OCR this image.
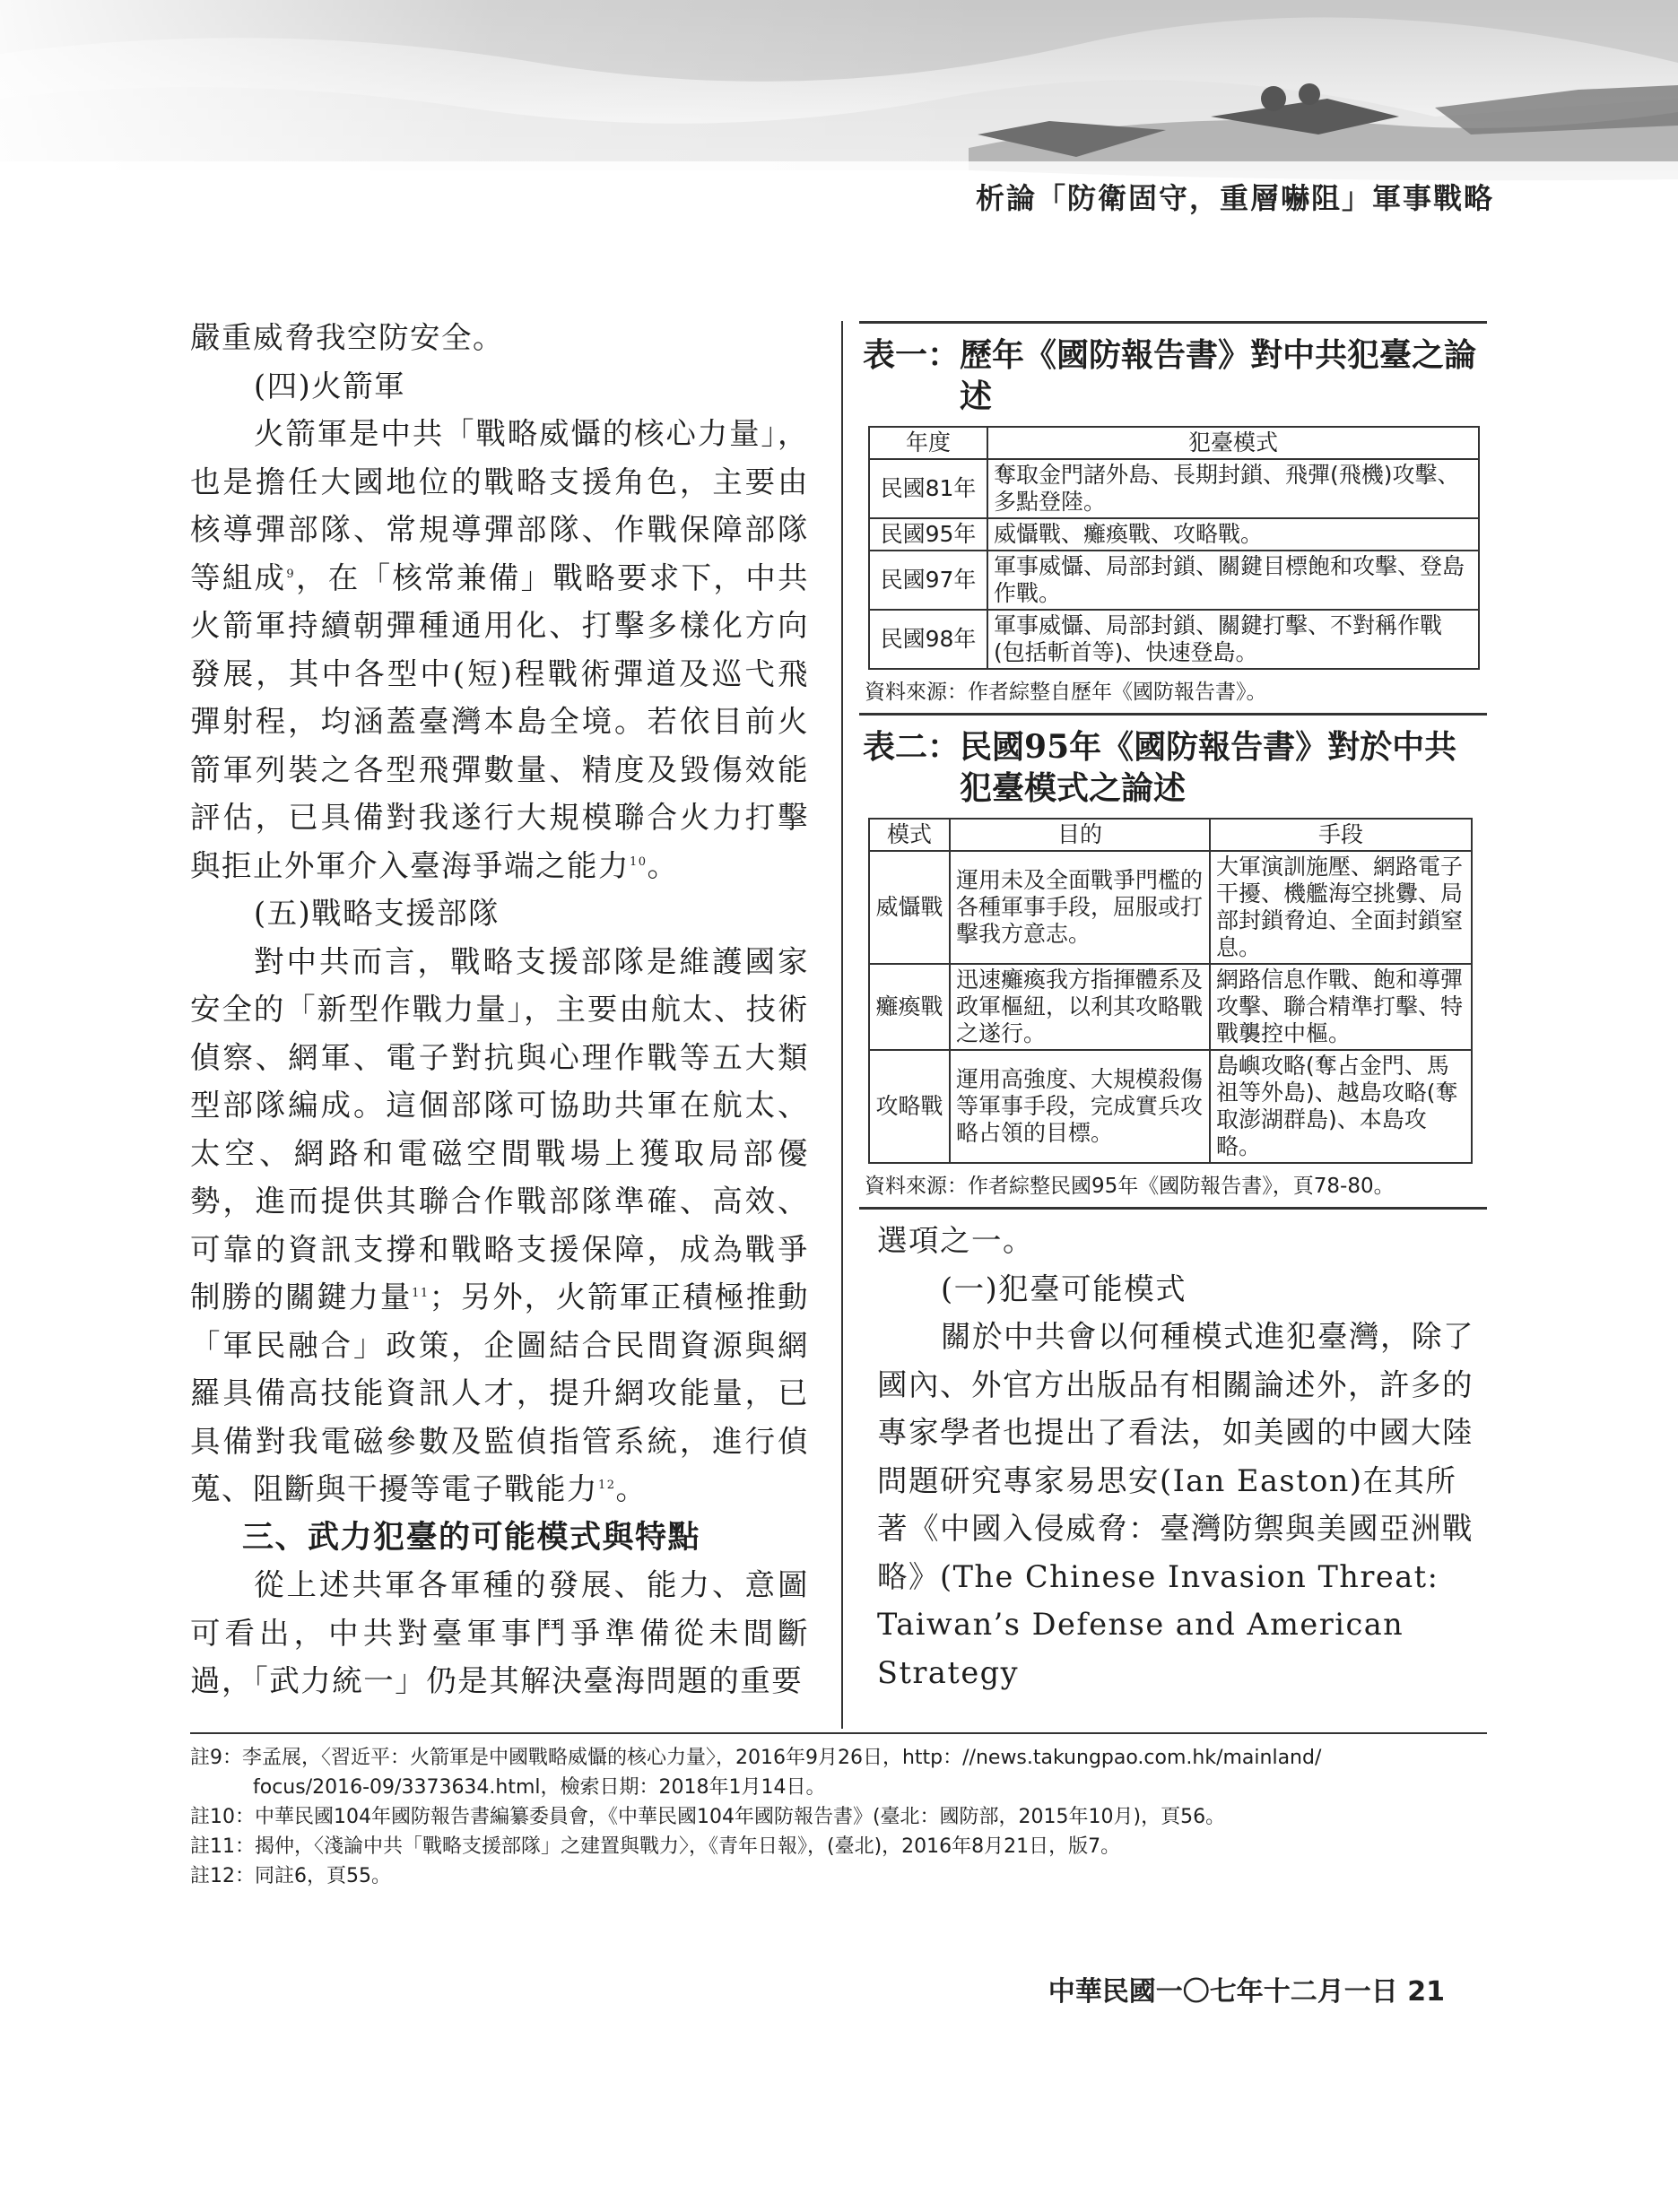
析論「防衛固守，重層嚇阻」軍事戰略

嚴重威脅我空防安全。

(四)火箭軍

火箭軍是中共「戰略威懾的核心力量」，也是擔任大國地位的戰略支援角色，主要由核導彈部隊、常規導彈部隊、作戰保障部隊等組成$^9$，在「核常兼備」戰略要求下，中共火箭軍持續朝彈種通用化、打擊多樣化方向發展，其中各型中(短)程戰術彈道及巡弋飛彈射程，均涵蓋臺灣本島全境。若依目前火箭軍列裝之各型飛彈數量、精度及毀傷效能評估，已具備對我遂行大規模聯合火力打擊與拒止外軍介入臺海爭端之能力$^{10}$。

(五)戰略支援部隊

對中共而言，戰略支援部隊是維護國家安全的「新型作戰力量」，主要由航太、技術偵察、網軍、電子對抗與心理作戰等五大類型部隊編成。這個部隊可協助共軍在航太、太空、網路和電磁空間戰場上獲取局部優勢，進而提供其聯合作戰部隊準確、高效、可靠的資訊支撐和戰略支援保障，成為戰爭制勝的關鍵力量$^{11}$；另外，火箭軍正積極推動「軍民融合」政策，企圖結合民間資源與網羅具備高技能資訊人才，提升網攻能量，已具備對我電磁參數及監偵指管系統，進行偵蒐、阻斷與干擾等電子戰能力$^{12}$。

三、武力犯臺的可能模式與特點

從上述共軍各軍種的發展、能力、意圖可看出，中共對臺軍事鬥爭準備從未間斷過，「武力統一」仍是其解決臺海問題的重要

表一： 歷年《國防報告書》對中共犯臺之論述
年度	犯臺模式
民國81年	奪取金門諸外島、長期封鎖、飛彈(飛機)攻擊、多點登陸。
民國95年	威懾戰、癱瘓戰、攻略戰。
民國97年	軍事威懾、局部封鎖、關鍵目標飽和攻擊、登島作戰。
民國98年	軍事威懾、局部封鎖、關鍵打擊、不對稱作戰(包括斬首等)、快速登島。
資料來源：作者綜整自歷年《國防報告書》。
表二： 民國95年《國防報告書》對於中共犯臺模式之論述
模式	目的	手段
威懾戰	運用未及全面戰爭門檻的各種軍事手段，屈服或打擊我方意志。	大軍演訓施壓、網路電子干擾、機艦海空挑釁、局部封鎖脅迫、全面封鎖窒息。
癱瘓戰	迅速癱瘓我方指揮體系及政軍樞紐，以利其攻略戰之遂行。	網路信息作戰、飽和導彈攻擊、聯合精準打擊、特戰襲控中樞。
攻略戰	運用高強度、大規模殺傷等軍事手段，完成實兵攻略占領的目標。	島嶼攻略(奪占金門、馬祖等外島)、越島攻略(奪取澎湖群島)、本島攻略。
資料來源：作者綜整民國95年《國防報告書》，頁78-80。

選項之一。

(一)犯臺可能模式

關於中共會以何種模式進犯臺灣，除了國內、外官方出版品有相關論述外，許多的專家學者也提出了看法，如美國的中國大陸問題研究專家易思安(Ian Easton)在其所著《中國入侵威脅：臺灣防禦與美國亞洲戰略》(The Chinese Invasion Threat: Taiwan’s Defense and American Strategy

註9：李孟展，〈習近平：火箭軍是中國戰略威懾的核心力量〉，2016年9月26日，http：//news.takungpao.com.hk/mainland/
focus/2016-09/3373634.html，檢索日期：2018年1月14日。

註10：中華民國104年國防報告書編纂委員會，《中華民國104年國防報告書》(臺北：國防部，2015年10月)，頁56。

註11：揭仲，〈淺論中共「戰略支援部隊」之建置與戰力〉，《青年日報》，(臺北)，2016年8月21日，版7。

註12：同註6，頁55。

中華民國一〇七年十二月一日 21
